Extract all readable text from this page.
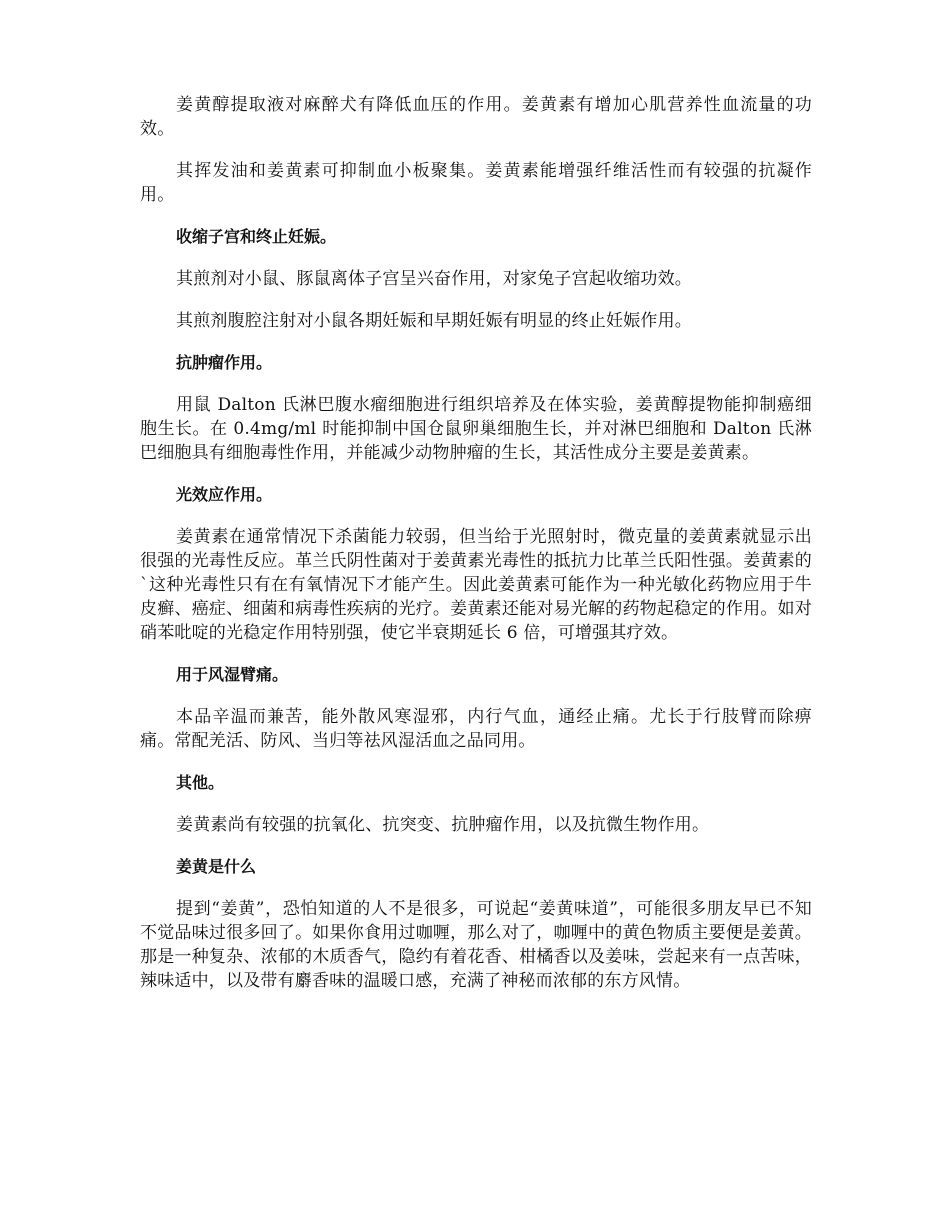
姜黄醇提取液对麻醉犬有降低血压的作用。姜黄素有增加心肌营养性血流量的功效。

其挥发油和姜黄素可抑制血小板聚集。姜黄素能增强纤维活性而有较强的抗凝作用。

收缩子宫和终止妊娠。

其煎剂对小鼠、豚鼠离体子宫呈兴奋作用，对家兔子宫起收缩功效。

其煎剂腹腔注射对小鼠各期妊娠和早期妊娠有明显的终止妊娠作用。

抗肿瘤作用。

用鼠 Dalton 氏淋巴腹水瘤细胞进行组织培养及在体实验，姜黄醇提物能抑制癌细胞生长。在 0.4mg/ml 时能抑制中国仓鼠卵巢细胞生长，并对淋巴细胞和 Dalton 氏淋巴细胞具有细胞毒性作用，并能减少动物肿瘤的生长，其活性成分主要是姜黄素。

光效应作用。

姜黄素在通常情况下杀菌能力较弱，但当给于光照射时，微克量的姜黄素就显示出很强的光毒性反应。革兰氏阴性菌对于姜黄素光毒性的抵抗力比革兰氏阳性强。姜黄素的`这种光毒性只有在有氧情况下才能产生。因此姜黄素可能作为一种光敏化药物应用于牛皮癣、癌症、细菌和病毒性疾病的光疗。姜黄素还能对易光解的药物起稳定的作用。如对硝苯吡啶的光稳定作用特别强，使它半衰期延长 6 倍，可增强其疗效。

用于风湿臂痛。

本品辛温而兼苦，能外散风寒湿邪，内行气血，通经止痛。尤长于行肢臂而除痹痛。常配羌活、防风、当归等祛风湿活血之品同用。

其他。

姜黄素尚有较强的抗氧化、抗突变、抗肿瘤作用，以及抗微生物作用。

姜黄是什么

提到“姜黄”，恐怕知道的人不是很多，可说起“姜黄味道”，可能很多朋友早已不知不觉品味过很多回了。如果你食用过咖喱，那么对了，咖喱中的黄色物质主要便是姜黄。那是一种复杂、浓郁的木质香气，隐约有着花香、柑橘香以及姜味，尝起来有一点苦味，辣味适中，以及带有麝香味的温暖口感，充满了神秘而浓郁的东方风情。
